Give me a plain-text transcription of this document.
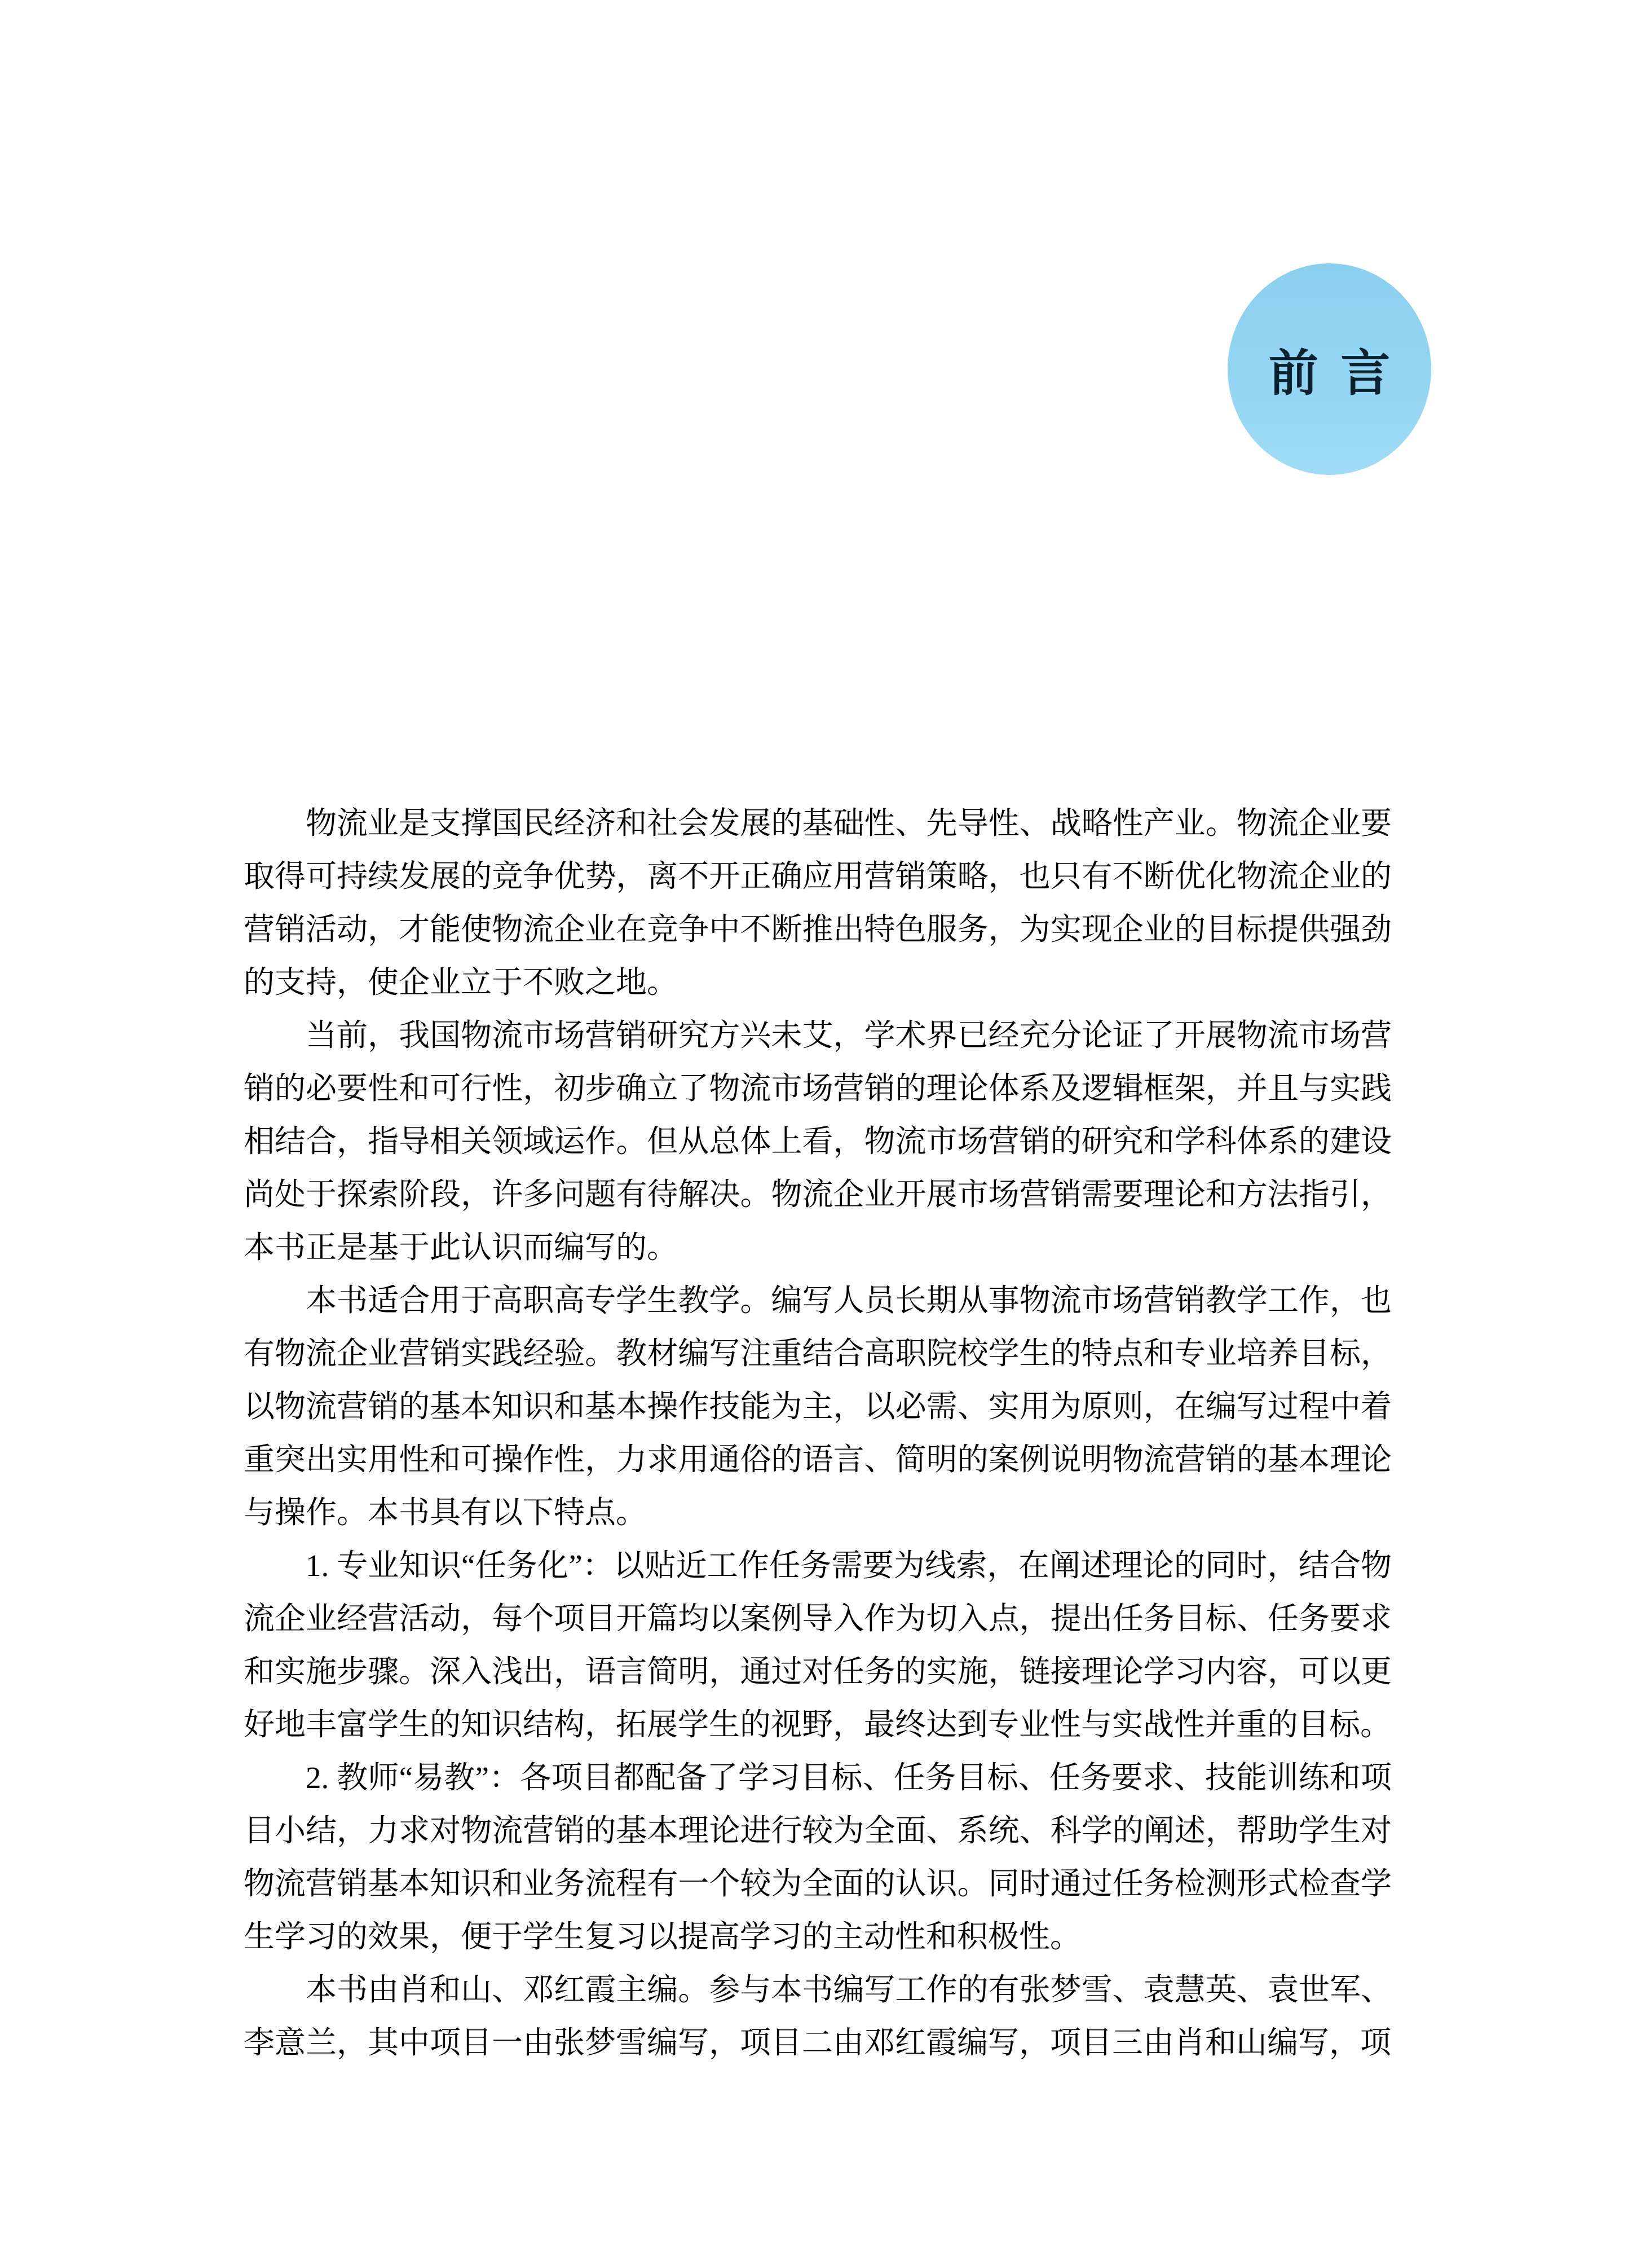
前言

物流业是支撑国民经济和社会发展的基础性、先导性、战略性产业。物流企业要取得可持续发展的竞争优势，离不开正确应用营销策略，也只有不断优化物流企业的营销活动，才能使物流企业在竞争中不断推出特色服务，为实现企业的目标提供强劲的支持，使企业立于不败之地。

当前，我国物流市场营销研究方兴未艾，学术界已经充分论证了开展物流市场营销的必要性和可行性，初步确立了物流市场营销的理论体系及逻辑框架，并且与实践相结合，指导相关领域运作。但从总体上看，物流市场营销的研究和学科体系的建设尚处于探索阶段，许多问题有待解决。物流企业开展市场营销需要理论和方法指引，本书正是基于此认识而编写的。

本书适合用于高职高专学生教学。编写人员长期从事物流市场营销教学工作，也有物流企业营销实践经验。教材编写注重结合高职院校学生的特点和专业培养目标，以物流营销的基本知识和基本操作技能为主，以必需、实用为原则，在编写过程中着重突出实用性和可操作性，力求用通俗的语言、简明的案例说明物流营销的基本理论与操作。本书具有以下特点。

1. 专业知识“任务化”：以贴近工作任务需要为线索，在阐述理论的同时，结合物流企业经营活动，每个项目开篇均以案例导入作为切入点，提出任务目标、任务要求和实施步骤。深入浅出，语言简明，通过对任务的实施，链接理论学习内容，可以更好地丰富学生的知识结构，拓展学生的视野，最终达到专业性与实战性并重的目标。

2. 教师“易教”：各项目都配备了学习目标、任务目标、任务要求、技能训练和项目小结，力求对物流营销的基本理论进行较为全面、系统、科学的阐述，帮助学生对物流营销基本知识和业务流程有一个较为全面的认识。同时通过任务检测形式检查学生学习的效果，便于学生复习以提高学习的主动性和积极性。

本书由肖和山、邓红霞主编。参与本书编写工作的有张梦雪、袁慧英、袁世军、李意兰，其中项目一由张梦雪编写，项目二由邓红霞编写，项目三由肖和山编写，项
